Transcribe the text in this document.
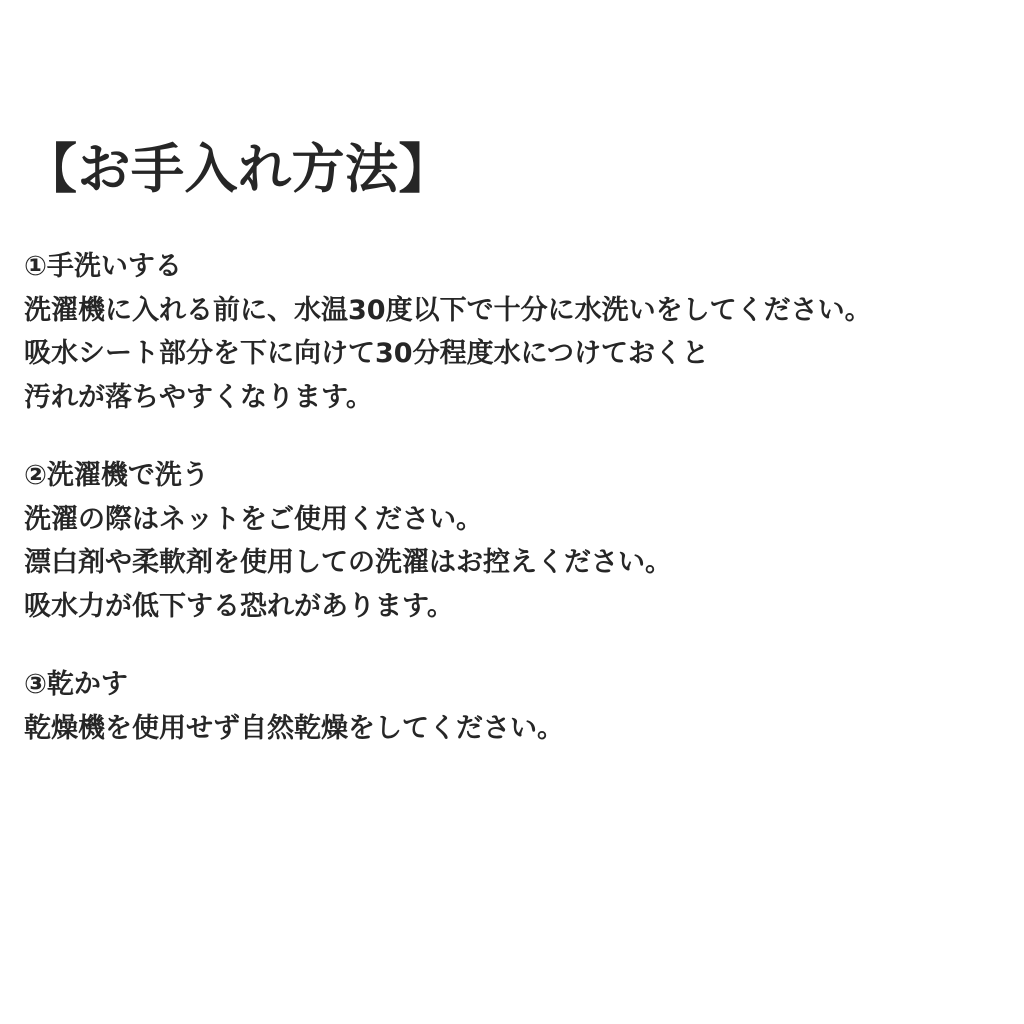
【お手入れ方法】

①手洗いする

洗濯機に入れる前に、水温30度以下で十分に水洗いをしてください。

吸水シート部分を下に向けて30分程度水につけておくと

汚れが落ちやすくなります。

②洗濯機で洗う

洗濯の際はネットをご使用ください。

漂白剤や柔軟剤を使用しての洗濯はお控えください。

吸水力が低下する恐れがあります。

③乾かす

乾燥機を使用せず自然乾燥をしてください。
